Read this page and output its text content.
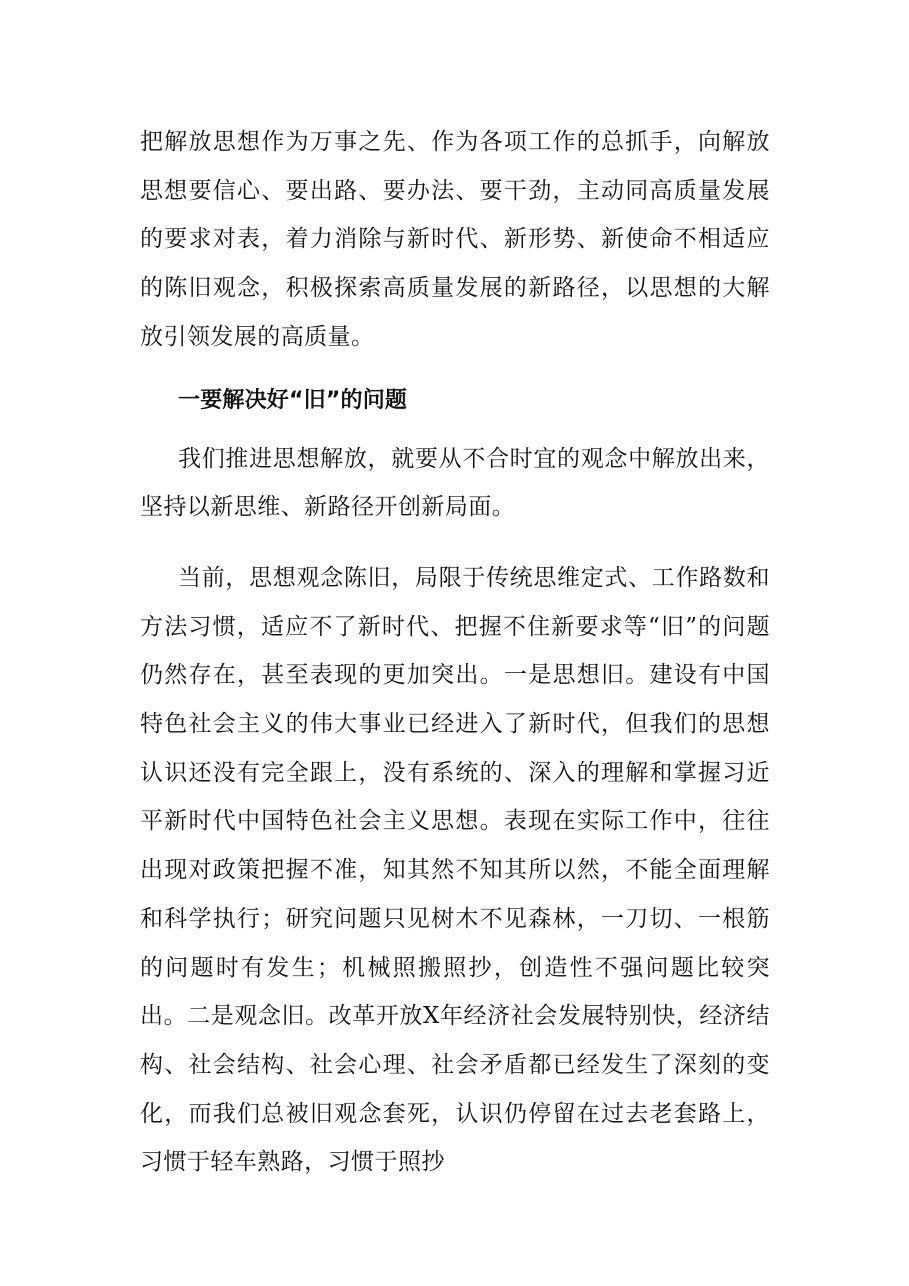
把解放思想作为万事之先、作为各项工作的总抓手，向解放思想要信心、要出路、要办法、要干劲，主动同高质量发展的要求对表，着力消除与新时代、新形势、新使命不相适应的陈旧观念，积极探索高质量发展的新路径，以思想的大解放引领发展的高质量。

一要解决好“旧”的问题

我们推进思想解放，就要从不合时宜的观念中解放出来，坚持以新思维、新路径开创新局面。

当前，思想观念陈旧，局限于传统思维定式、工作路数和方法习惯，适应不了新时代、把握不住新要求等“旧”的问题仍然存在，甚至表现的更加突出。一是思想旧。建设有中国特色社会主义的伟大事业已经进入了新时代，但我们的思想认识还没有完全跟上，没有系统的、深入的理解和掌握习近平新时代中国特色社会主义思想。表现在实际工作中，往往出现对政策把握不准，知其然不知其所以然，不能全面理解和科学执行；研究问题只见树木不见森林，一刀切、一根筋的问题时有发生；机械照搬照抄，创造性不强问题比较突出。二是观念旧。改革开放X年经济社会发展特别快，经济结构、社会结构、社会心理、社会矛盾都已经发生了深刻的变化，而我们总被旧观念套死，认识仍停留在过去老套路上，习惯于轻车熟路，习惯于照抄
